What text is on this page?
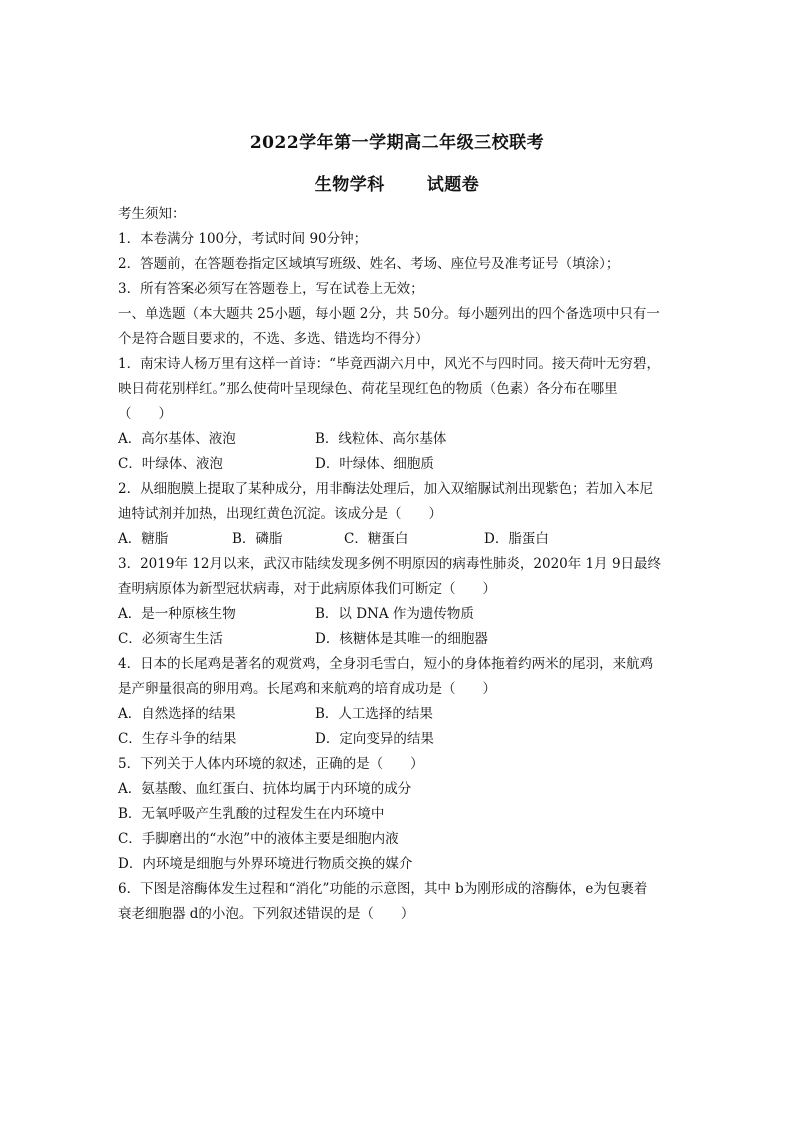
2022学年第一学期高二年级三校联考
生物学科 试题卷
考生须知：
1．本卷满分 100分，考试时间 90分钟；
2．答题前，在答题卷指定区域填写班级、姓名、考场、座位号及准考证号（填涂）；
3．所有答案必须写在答题卷上，写在试卷上无效；
一、单选题（本大题共 25小题，每小题 2分，共 50分。每小题列出的四个备选项中只有一
个是符合题目要求的，不选、多选、错选均不得分）
1．南宋诗人杨万里有这样一首诗：“毕竟西湖六月中，风光不与四时同。接天荷叶无穷碧，
映日荷花别样红。”那么使荷叶呈现绿色、荷花呈现红色的物质（色素）各分布在哪里
（　　）
A．高尔基体、液泡	B．线粒体、高尔基体
C．叶绿体、液泡	D．叶绿体、细胞质
2．从细胞膜上提取了某种成分，用非酶法处理后，加入双缩脲试剂出现紫色；若加入本尼
迪特试剂并加热，出现红黄色沉淀。该成分是（　　）
A．糖脂	B．磷脂	C．糖蛋白	D．脂蛋白
3．2019年 12月以来，武汉市陆续发现多例不明原因的病毒性肺炎，2020年 1月 9日最终
查明病原体为新型冠状病毒，对于此病原体我们可断定（　　）
A．是一种原核生物	B．以 DNA 作为遗传物质
C．必须寄生生活	D．核糖体是其唯一的细胞器
4．日本的长尾鸡是著名的观赏鸡，全身羽毛雪白，短小的身体拖着约两米的尾羽，来航鸡
是产卵量很高的卵用鸡。长尾鸡和来航鸡的培育成功是（　　）
A．自然选择的结果	B．人工选择的结果
C．生存斗争的结果	D．定向变异的结果
5．下列关于人体内环境的叙述，正确的是（　　）
A．氨基酸、血红蛋白、抗体均属于内环境的成分
B．无氧呼吸产生乳酸的过程发生在内环境中
C．手脚磨出的“水泡”中的液体主要是细胞内液
D．内环境是细胞与外界环境进行物质交换的媒介
6．下图是溶酶体发生过程和“消化”功能的示意图，其中 b为刚形成的溶酶体，e为包裹着
衰老细胞器 d的小泡。下列叙述错误的是（　　）
